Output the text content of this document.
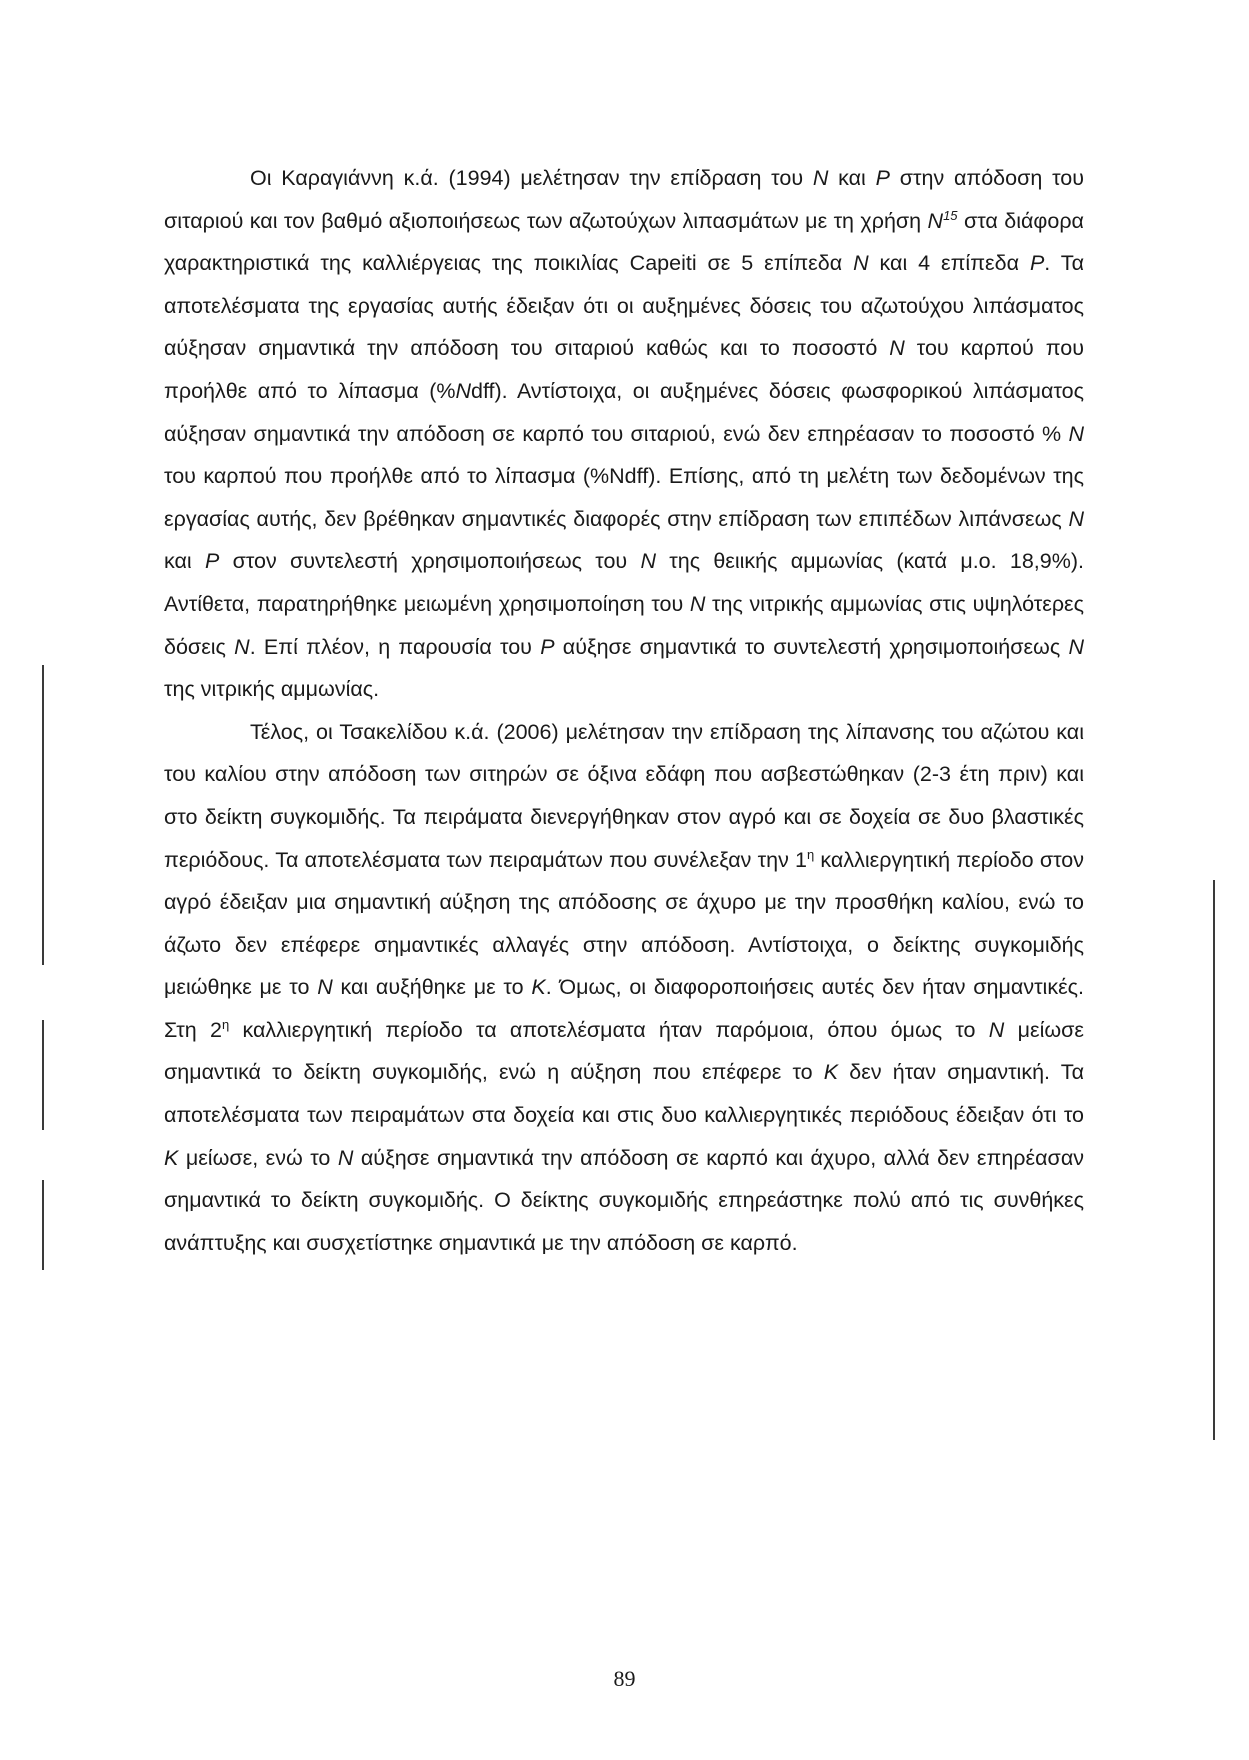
Οι Καραγιάννη κ.ά. (1994) μελέτησαν την επίδραση του Ν και Ρ στην απόδοση του σιταριού και τον βαθμό αξιοποιήσεως των αζωτούχων λιπασμάτων με τη χρήση $N^{15}$ στα διάφορα χαρακτηριστικά της καλλιέργειας της ποικιλίας Capeiti σε 5 επίπεδα Ν και 4 επίπεδα Ρ. Τα αποτελέσματα της εργασίας αυτής έδειξαν ότι οι αυξημένες δόσεις του αζωτούχου λιπάσματος αύξησαν σημαντικά την απόδοση του σιταριού καθώς και το ποσοστό Ν του καρπού που προήλθε από το λίπασμα (%Ndff). Αντίστοιχα, οι αυξημένες δόσεις φωσφορικού λιπάσματος αύξησαν σημαντικά την απόδοση σε καρπό του σιταριού, ενώ δεν επηρέασαν το ποσοστό % Ν του καρπού που προήλθε από το λίπασμα (%Ndff). Επίσης, από τη μελέτη των δεδομένων της εργασίας αυτής, δεν βρέθηκαν σημαντικές διαφορές στην επίδραση των επιπέδων λιπάνσεως Ν και Ρ στον συντελεστή χρησιμοποιήσεως του Ν της θειικής αμμωνίας (κατά μ.ο. 18,9%). Αντίθετα, παρατηρήθηκε μειωμένη χρησιμοποίηση του Ν της νιτρικής αμμωνίας στις υψηλότερες δόσεις Ν. Επί πλέον, η παρουσία του Ρ αύξησε σημαντικά το συντελεστή χρησιμοποιήσεως Ν της νιτρικής αμμωνίας.

Τέλος, οι Τσακελίδου κ.ά. (2006) μελέτησαν την επίδραση της λίπανσης του αζώτου και του καλίου στην απόδοση των σιτηρών σε όξινα εδάφη που ασβεστώθηκαν (2-3 έτη πριν) και στο δείκτη συγκομιδής. Τα πειράματα διενεργήθηκαν στον αγρό και σε δοχεία σε δυο βλαστικές περιόδους. Τα αποτελέσματα των πειραμάτων που συνέλεξαν την $1^\eta$ καλλιεργητική περίοδο στον αγρό έδειξαν μια σημαντική αύξηση της απόδοσης σε άχυρο με την προσθήκη καλίου, ενώ το άζωτο δεν επέφερε σημαντικές αλλαγές στην απόδοση. Αντίστοιχα, ο δείκτης συγκομιδής μειώθηκε με το Ν και αυξήθηκε με το Κ. Όμως, οι διαφοροποιήσεις αυτές δεν ήταν σημαντικές. Στη $2^\eta$ καλλιεργητική περίοδο τα αποτελέσματα ήταν παρόμοια, όπου όμως το Ν μείωσε σημαντικά το δείκτη συγκομιδής, ενώ η αύξηση που επέφερε το Κ δεν ήταν σημαντική. Τα αποτελέσματα των πειραμάτων στα δοχεία και στις δυο καλλιεργητικές περιόδους έδειξαν ότι το Κ μείωσε, ενώ το Ν αύξησε σημαντικά την απόδοση σε καρπό και άχυρο, αλλά δεν επηρέασαν σημαντικά το δείκτη συγκομιδής. Ο δείκτης συγκομιδής επηρεάστηκε πολύ από τις συνθήκες ανάπτυξης και συσχετίστηκε σημαντικά με την απόδοση σε καρπό.

89
